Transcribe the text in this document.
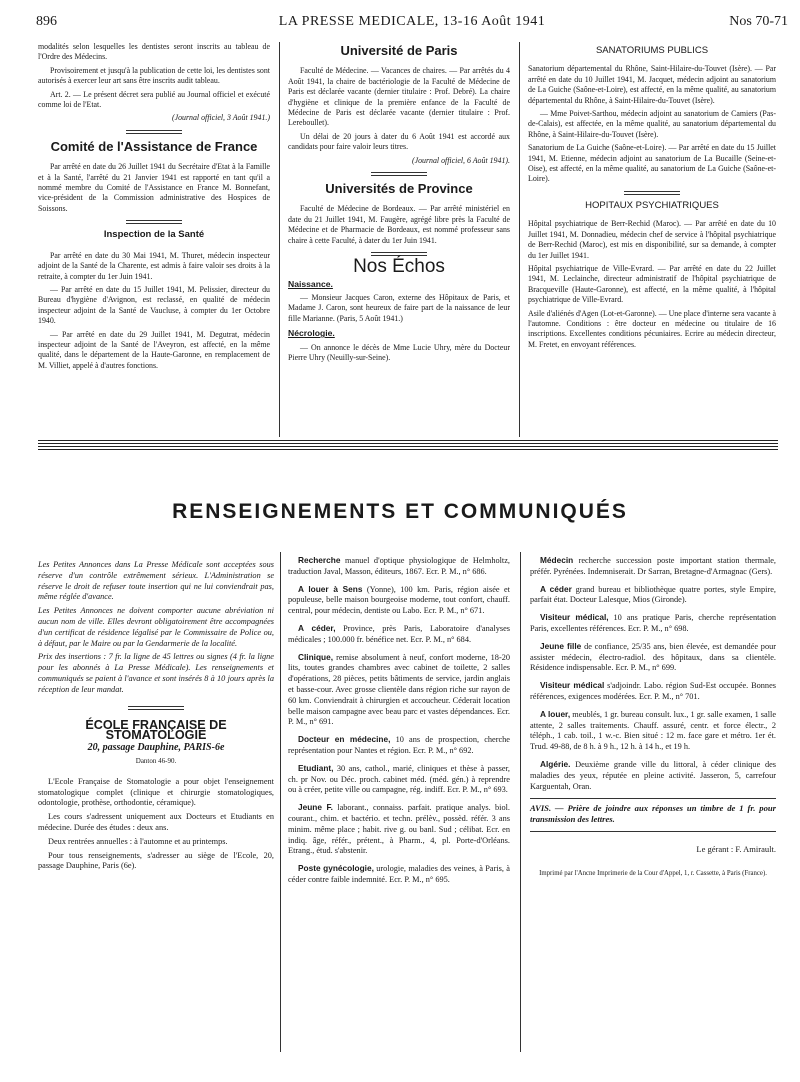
896	LA PRESSE MEDICALE, 13-16 Août 1941	Nos 70-71

modalités selon lesquelles les dentistes seront inscrits au tableau de l'Ordre des Médecins.

Provisoirement et jusqu'à la publication de cette loi, les dentistes sont autorisés à exercer leur art sans être inscrits audit tableau.

Art. 2. — Le présent décret sera publié au Journal officiel et exécuté comme loi de l'Etat.

(Journal officiel, 3 Août 1941.)

Comité de l'Assistance de France

Par arrêté en date du 26 Juillet 1941 du Secrétaire d'Etat à la Famille et à la Santé, l'arrêté du 21 Janvier 1941 est rapporté en tant qu'il a nommé membre du Comité de l'Assistance en France M. Bonnefant, vice-président de la Commission administrative des Hospices de Soissons.

Inspection de la Santé

Par arrêté en date du 30 Mai 1941, M. Thuret, médecin inspecteur adjoint de la Santé de la Charente, est admis à faire valoir ses droits à la retraite, à compter du 1er Juin 1941.

— Par arrêté en date du 15 Juillet 1941, M. Pelissier, directeur du Bureau d'hygiène d'Avignon, est reclassé, en qualité de médecin inspecteur adjoint de la Santé de Vaucluse, à compter du 1er Octobre 1940.

— Par arrêté en date du 29 Juillet 1941, M. Degutrat, médecin inspecteur adjoint de la Santé de l'Aveyron, est affecté, en la même qualité, dans le département de la Haute-Garonne, en remplacement de M. Villiet, appelé à d'autres fonctions.

Université de Paris

Faculté de Médecine. — Vacances de chaires. — Par arrêtés du 4 Août 1941, la chaire de bactériologie de la Faculté de Médecine de Paris est déclarée vacante (dernier titulaire : Prof. Debré). La chaire d'hygiène et clinique de la première enfance de la Faculté de Médecine de Paris est déclarée vacante (dernier titulaire : Prof. Lereboullet).

Un délai de 20 jours à dater du 6 Août 1941 est accordé aux candidats pour faire valoir leurs titres.

(Journal officiel, 6 Août 1941).

Universités de Province

Faculté de Médecine de Bordeaux. — Par arrêté ministériel en date du 21 Juillet 1941, M. Faugère, agrégé libre près la Faculté de Médecine et de Pharmacie de Bordeaux, est nommé professeur sans chaire à cette Faculté, à dater du 1er Juin 1941.

Nos Échos
Naissance.

— Monsieur Jacques Caron, externe des Hôpitaux de Paris, et Madame J. Caron, sont heureux de faire part de la naissance de leur fille Marianne. (Paris, 5 Août 1941.)

Nécrologie.

— On annonce le décès de Mme Lucie Uhry, mère du Docteur Pierre Uhry (Neuilly-sur-Seine).

SANATORIUMS PUBLICS

Sanatorium départemental du Rhône, Saint-Hilaire-du-Touvet (Isère). — Par arrêté en date du 10 Juillet 1941, M. Jacquet, médecin adjoint au sanatorium de La Guiche (Saône-et-Loire), est affecté, en la même qualité, au sanatorium départemental du Rhône, à Saint-Hilaire-du-Touvet (Isère).

— Mme Poivet-Sarthou, médecin adjoint au sanatorium de Camiers (Pas-de-Calais), est affectée, en la même qualité, au sanatorium départemental du Rhône, à Saint-Hilaire-du-Touvet (Isère).

Sanatorium de La Guiche (Saône-et-Loire). — Par arrêté en date du 15 Juillet 1941, M. Etienne, médecin adjoint au sanatorium de La Bucaille (Seine-et-Oise), est affecté, en la même qualité, au sanatorium de La Guiche (Saône-et-Loire).

HOPITAUX PSYCHIATRIQUES

Hôpital psychiatrique de Berr-Rechid (Maroc). — Par arrêté en date du 10 Juillet 1941, M. Donnadieu, médecin chef de service à l'hôpital psychiatrique de Berr-Rechid (Maroc), est mis en disponibilité, sur sa demande, à compter du 1er Juillet 1941.

Hôpital psychiatrique de Ville-Evrard. — Par arrêté en date du 22 Juillet 1941, M. Leclainche, directeur administratif de l'hôpital psychiatrique de Bracqueville (Haute-Garonne), est affecté, en la même qualité, à l'hôpital psychiatrique de Ville-Evrard.

Asile d'aliénés d'Agen (Lot-et-Garonne). — Une place d'interne sera vacante à l'automne. Conditions : être docteur en médecine ou titulaire de 16 inscriptions. Excellentes conditions pécuniaires. Ecrire au médecin directeur, M. Fretet, en envoyant références.

RENSEIGNEMENTS ET COMMUNIQUÉS

Les Petites Annonces dans La Presse Médicale sont acceptées sous réserve d'un contrôle extrêmement sérieux. L'Administration se réserve le droit de refuser toute insertion qui ne lui conviendrait pas, même réglée d'avance.

Les Petites Annonces ne doivent comporter aucune abréviation ni aucun nom de ville. Elles devront obligatoirement être accompagnées d'un certificat de résidence légalisé par le Commissaire de Police ou, à défaut, par le Maire ou par la Gendarmerie de la localité.

Prix des insertions : 7 fr. la ligne de 45 lettres ou signes (4 fr. la ligne pour les abonnés à La Presse Médicale). Les renseignements et communiqués se paient à l'avance et sont insérés 8 à 10 jours après la réception de leur mandat.

ÉCOLE FRANÇAISE DE STOMATOLOGIE
20, passage Dauphine, PARIS-6e
Danton 46-90.

L'Ecole Française de Stomatologie a pour objet l'enseignement stomatologique complet (clinique et chirurgie stomatologiques, odontologie, prothèse, orthodontie, céramique).

Les cours s'adressent uniquement aux Docteurs et Etudiants en médecine. Durée des études : deux ans.

Deux rentrées annuelles : à l'automne et au printemps.

Pour tous renseignements, s'adresser au siège de l'Ecole, 20, passage Dauphine, Paris (6e).

Recherche manuel d'optique physiologique de Helmholtz, traduction Javal, Masson, éditeurs, 1867. Ecr. P. M., n° 686.

A louer à Sens (Yonne), 100 km. Paris, région aisée et populeuse, belle maison bourgeoise moderne, tout confort, chauff. central, pour médecin, dentiste ou Labo. Ecr. P. M., n° 671.

A céder, Province, près Paris, Laboratoire d'analyses médicales ; 100.000 fr. bénéfice net. Ecr. P. M., n° 684.

Clinique, remise absolument à neuf, confort moderne, 18-20 lits, toutes grandes chambres avec cabinet de toilette, 2 salles d'opérations, 28 pièces, petits bâtiments de service, jardin anglais et basse-cour. Avec grosse clientèle dans région riche sur rayon de 60 km. Conviendrait à chirurgien et accoucheur. Céderait location belle maison campagne avec beau parc et vastes dépendances. Ecr. P. M., n° 691.

Docteur en médecine, 10 ans de prospection, cherche représentation pour Nantes et région. Ecr. P. M., n° 692.

Etudiant, 30 ans, cathol., marié, cliniques et thèse à passer, ch. pr Nov. ou Déc. proch. cabinet méd. (méd. gén.) à reprendre ou à créer, petite ville ou campagne, rég. indiff. Ecr. P. M., n° 693.

Jeune F. laborant., connaiss. parfait. pratique analys. biol. courant., chim. et bactério. et techn. prélèv., possèd. référ. 3 ans minim. même place ; habit. rive g. ou banl. Sud ; célibat. Ecr. en indiq. âge, référ., prétent., à Pharm., 4, pl. Porte-d'Orléans. Etrang., étud. s'abstenir.

Poste gynécologie, urologie, maladies des veines, à Paris, à céder contre faible indemnité. Ecr. P. M., n° 695.

Médecin recherche succession poste important station thermale, préfér. Pyrénées. Indemniserait. Dr Sarran, Bretagne-d'Armagnac (Gers).

A céder grand bureau et bibliothèque quatre portes, style Empire, parfait état. Docteur Lalesque, Mios (Gironde).

Visiteur médical, 10 ans pratique Paris, cherche représentation Paris, excellentes références. Ecr. P. M., n° 698.

Jeune fille de confiance, 25/35 ans, bien élevée, est demandée pour assister médecin, électro-radiol. des hôpitaux, dans sa clientèle. Résidence indispensable. Ecr. P. M., n° 699.

Visiteur médical s'adjoindr. Labo. région Sud-Est occupée. Bonnes références, exigences modérées. Ecr. P. M., n° 701.

A louer, meublés, 1 gr. bureau consult. lux., 1 gr. salle examen, 1 salle attente, 2 salles traitements. Chauff. assuré, centr. et force électr., 2 téléph., 1 cab. toil., 1 w.-c. Bien situé : 12 m. face gare et métro. 1er ét. Trud. 49-88, de 8 h. à 9 h., 12 h. à 14 h., et 19 h.

Algérie. Deuxième grande ville du littoral, à céder clinique des maladies des yeux, réputée en pleine activité. Jasseron, 5, carrefour Karguentah, Oran.

AVIS. — Prière de joindre aux réponses un timbre de 1 fr. pour transmission des lettres.

Le gérant : F. Amirault.
Imprimé par l'Ancne Imprimerie de la Cour d'Appel, 1, r. Cassette, à Paris (France).
